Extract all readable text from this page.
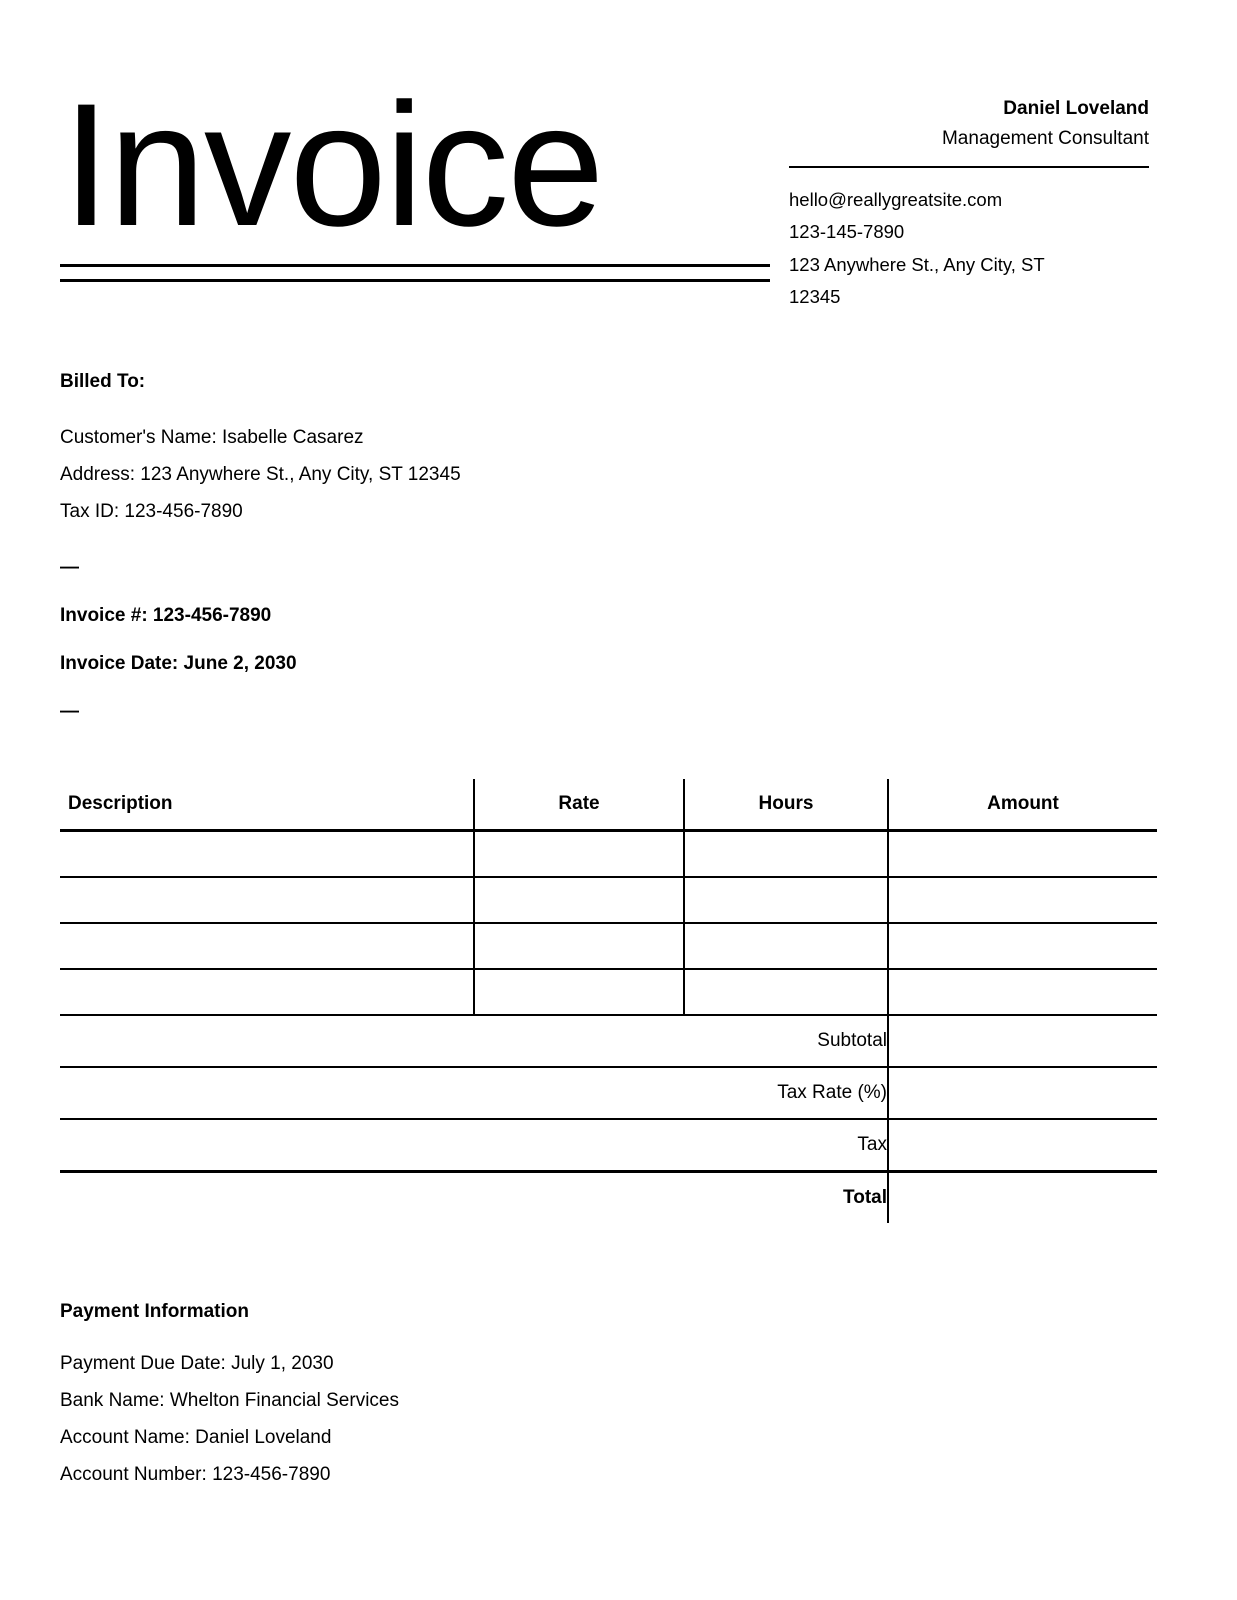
Invoice	Daniel Loveland

Management Consultant

hello@reallygreatsite.com

123-145-7890

123 Anywhere St., Any City, ST

12345

Billed To:

Customer's Name: Isabelle Casarez

Address: 123 Anywhere St., Any City, ST 12345

Tax ID: 123-456-7890

—

Invoice #: 123-456-7890

Invoice Date: June 2, 2030

—

Description	Rate	Hours	Amount

Subtotal			
Tax Rate (%)			
Tax			
Total			

Payment Information

Payment Due Date: July 1, 2030

Bank Name: Whelton Financial Services

Account Name: Daniel Loveland

Account Number: 123-456-7890
